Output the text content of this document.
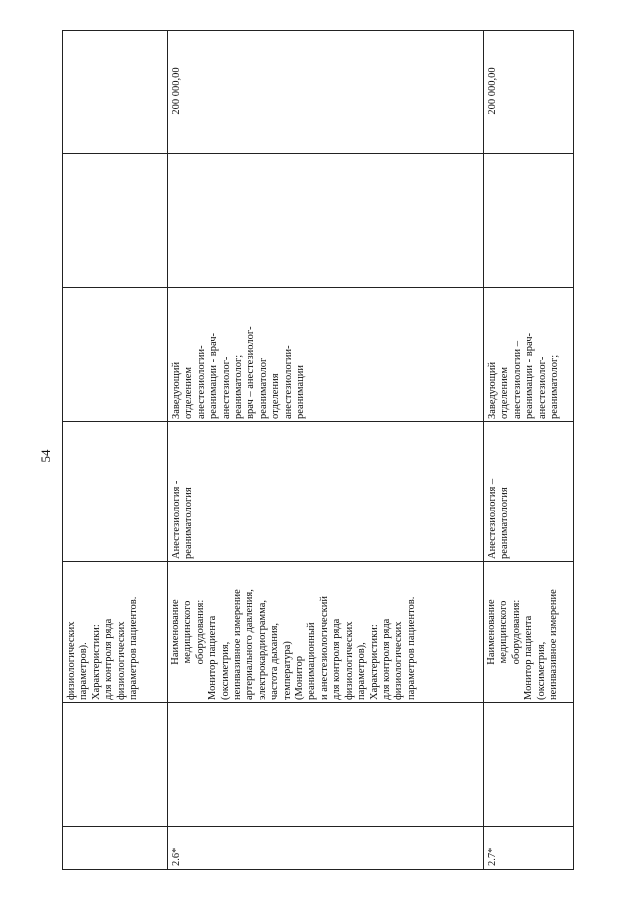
54
физиологических параметров). Характеристики: для контроля ряда физиологических параметров пациентов.
2.6*
Наименование медицинского оборудования: Монитор пациента (оксиметрия, неинвазивное измерение артериального давления, электрокардиограмма, частота дыхания, температура) (Монитор реанимационный и анестезиологический для контроля ряда физиологических параметров), Характеристики: для контроля ряда физиологических параметров пациентов.
Анестезиология - реаниматология
Заведующий отделением анестезиологии- реанимации - врач- анестезиолог- реаниматолог; врач – анестезиолог- реаниматолог отделения анестезиологии- реанимации
200 000,00
2.7*
Наименование медицинского оборудования: Монитор пациента (оксиметрия, неинвазивное измерение
Анестезиология – реаниматология
Заведующий отделением анестезиологии – реанимации - врач- анестезиолог- реаниматолог;
200 000,00
